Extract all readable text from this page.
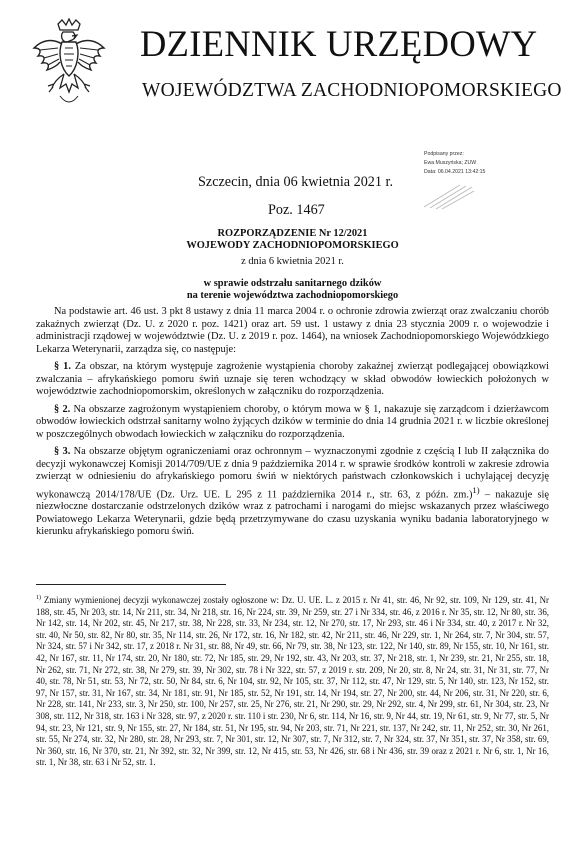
DZIENNIK URZĘDOWY
WOJEWÓDZTWA ZACHODNIOPOMORSKIEGO
Szczecin, dnia 06 kwietnia 2021 r.
Poz. 1467
Podpisany przez:
Ewa Muszyńska; ZUW
Data: 06.04.2021 13:42:15
ROZPORZĄDZENIE Nr 12/2021
WOJEWODY ZACHODNIOPOMORSKIEGO
z dnia 6 kwietnia 2021 r.
w sprawie odstrzału sanitarnego dzików
na terenie województwa zachodniopomorskiego

Na podstawie art. 46 ust. 3 pkt 8 ustawy z dnia 11 marca 2004 r. o ochronie zdrowia zwierząt oraz zwalczaniu chorób zakaźnych zwierząt (Dz. U. z 2020 r. poz. 1421) oraz art. 59 ust. 1 ustawy z dnia 23 stycznia 2009 r. o wojewodzie i administracji rządowej w województwie (Dz. U. z 2019 r. poz. 1464), na wniosek Zachodniopomorskiego Wojewódzkiego Lekarza Weterynarii, zarządza się, co następuje:

§ 1. Za obszar, na którym występuje zagrożenie wystąpienia choroby zakaźnej zwierząt podlegającej obowiązkowi zwalczania – afrykańskiego pomoru świń uznaje się teren wchodzący w skład obwodów łowieckich położonych w województwie zachodniopomorskim, określonych w załączniku do rozporządzenia.

§ 2. Na obszarze zagrożonym wystąpieniem choroby, o którym mowa w § 1, nakazuje się zarządcom i dzierżawcom obwodów łowieckich odstrzał sanitarny wolno żyjących dzików w terminie do dnia 14 grudnia 2021 r. w liczbie określonej w poszczególnych obwodach łowieckich w załączniku do rozporządzenia.

§ 3. Na obszarze objętym ograniczeniami oraz ochronnym – wyznaczonymi zgodnie z częścią I lub II załącznika do decyzji wykonawczej Komisji 2014/709/UE z dnia 9 października 2014 r. w sprawie środków kontroli w zakresie zdrowia zwierząt w odniesieniu do afrykańskiego pomoru świń w niektórych państwach członkowskich i uchylającej decyzję wykonawczą 2014/178/UE (Dz. Urz. UE. L 295 z 11 października 2014 r., str. 63, z późn. zm.)$^{1)}$ – nakazuje się niezwłoczne dostarczanie odstrzelonych dzików wraz z patrochami i narogami do miejsc wskazanych przez właściwego Powiatowego Lekarza Weterynarii, gdzie będą przetrzymywane do czasu uzyskania wyniku badania laboratoryjnego w kierunku afrykańskiego pomoru świń.

$^{1)}$ Zmiany wymienionej decyzji wykonawczej zostały ogłoszone w: Dz. U. UE. L. z 2015 r. Nr 41, str. 46, Nr 92, str. 109, Nr 129, str. 41, Nr 188, str. 45, Nr 203, str. 14, Nr 211, str. 34, Nr 218, str. 16, Nr 224, str. 39, Nr 259, str. 27 i Nr 334, str. 46, z 2016 r. Nr 35, str. 12, Nr 80, str. 36, Nr 142, str. 14, Nr 202, str. 45, Nr 217, str. 38, Nr 228, str. 33, Nr 234, str. 12, Nr 270, str. 17, Nr 293, str. 46 i Nr 334, str. 40, z 2017 r. Nr 32, str. 40, Nr 50, str. 82, Nr 80, str. 35, Nr 114, str. 26, Nr 172, str. 16, Nr 182, str. 42, Nr 211, str. 46, Nr 229, str. 1, Nr 264, str. 7, Nr 304, str. 57, Nr 324, str. 57 i Nr 342, str. 17, z 2018 r. Nr 31, str. 88, Nr 49, str. 66, Nr 79, str. 38, Nr 123, str. 122, Nr 140, str. 89, Nr 155, str. 10, Nr 161, str. 42, Nr 167, str. 11, Nr 174, str. 20, Nr 180, str. 72, Nr 185, str. 29, Nr 192, str. 43, Nr 203, str. 37, Nr 218, str. 1, Nr 239, str. 21, Nr 255, str. 18, Nr 262, str. 71, Nr 272, str. 38, Nr 279, str. 39, Nr 302, str. 78 i Nr 322, str. 57, z 2019 r. str. 209, Nr 20, str. 8, Nr 24, str. 31, Nr 31, str. 77, Nr 40, str. 78, Nr 51, str. 53, Nr 72, str. 50, Nr 84, str. 6, Nr 104, str. 92, Nr 105, str. 37, Nr 112, str. 47, Nr 129, str. 5, Nr 140, str. 123, Nr 152, str. 97, Nr 157, str. 31, Nr 167, str. 34, Nr 181, str. 91, Nr 185, str. 52, Nr 191, str. 14, Nr 194, str. 27, Nr 200, str. 44, Nr 206, str. 31, Nr 220, str. 6, Nr 228, str. 141, Nr 233, str. 3, Nr 250, str. 100, Nr 257, str. 25, Nr 276, str. 21, Nr 290, str. 29, Nr 292, str. 4, Nr 299, str. 61, Nr 304, str. 23, Nr 308, str. 112, Nr 318, str. 163 i Nr 328, str. 97, z 2020 r. str. 110 i str. 230, Nr 6, str. 114, Nr 16, str. 9, Nr 44, str. 19, Nr 61, str. 9, Nr 77, str. 5, Nr 94, str. 23, Nr 121, str. 9, Nr 155, str. 27, Nr 184, str. 51, Nr 195, str. 94, Nr 203, str. 71, Nr 221, str. 137, Nr 242, str. 11, Nr 252, str. 30, Nr 261, str. 55, Nr 274, str. 32, Nr 280, str. 28, Nr 293, str. 7, Nr 301, str. 12, Nr 307, str. 7, Nr 312, str. 7, Nr 324, str. 37, Nr 351, str. 37, Nr 358, str. 69, Nr 360, str. 16, Nr 370, str. 21, Nr 392, str. 32, Nr 399, str. 12, Nr 415, str. 53, Nr 426, str. 68 i Nr 436, str. 39 oraz z 2021 r. Nr 6, str. 1, Nr 16, str. 1, Nr 38, str. 63 i Nr 52, str. 1.
